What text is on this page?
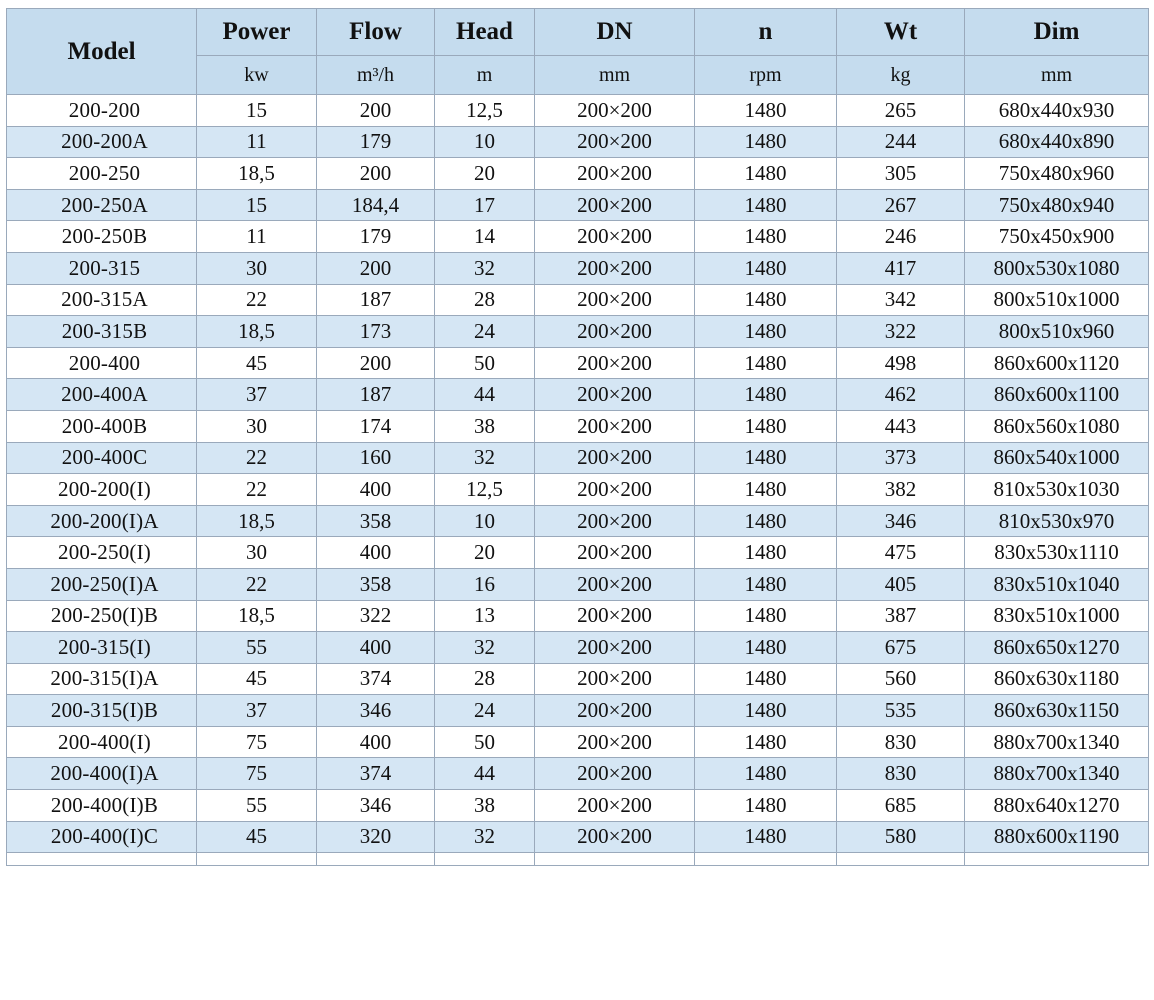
Model	Power	Flow	Head	DN	n	Wt	Dim
	kw	m³/h	m	mm	rpm	kg	mm
200-200	15	200	12,5	200×200	1480	265	680x440x930
200-200A	11	179	10	200×200	1480	244	680x440x890
200-250	18,5	200	20	200×200	1480	305	750x480x960
200-250A	15	184,4	17	200×200	1480	267	750x480x940
200-250B	11	179	14	200×200	1480	246	750x450x900
200-315	30	200	32	200×200	1480	417	800x530x1080
200-315A	22	187	28	200×200	1480	342	800x510x1000
200-315B	18,5	173	24	200×200	1480	322	800x510x960
200-400	45	200	50	200×200	1480	498	860x600x1120
200-400A	37	187	44	200×200	1480	462	860x600x1100
200-400B	30	174	38	200×200	1480	443	860x560x1080
200-400C	22	160	32	200×200	1480	373	860x540x1000
200-200(I)	22	400	12,5	200×200	1480	382	810x530x1030
200-200(I)A	18,5	358	10	200×200	1480	346	810x530x970
200-250(I)	30	400	20	200×200	1480	475	830x530x1110
200-250(I)A	22	358	16	200×200	1480	405	830x510x1040
200-250(I)B	18,5	322	13	200×200	1480	387	830x510x1000
200-315(I)	55	400	32	200×200	1480	675	860x650x1270
200-315(I)A	45	374	28	200×200	1480	560	860x630x1180
200-315(I)B	37	346	24	200×200	1480	535	860x630x1150
200-400(I)	75	400	50	200×200	1480	830	880x700x1340
200-400(I)A	75	374	44	200×200	1480	830	880x700x1340
200-400(I)B	55	346	38	200×200	1480	685	880x640x1270
200-400(I)C	45	320	32	200×200	1480	580	880x600x1190
